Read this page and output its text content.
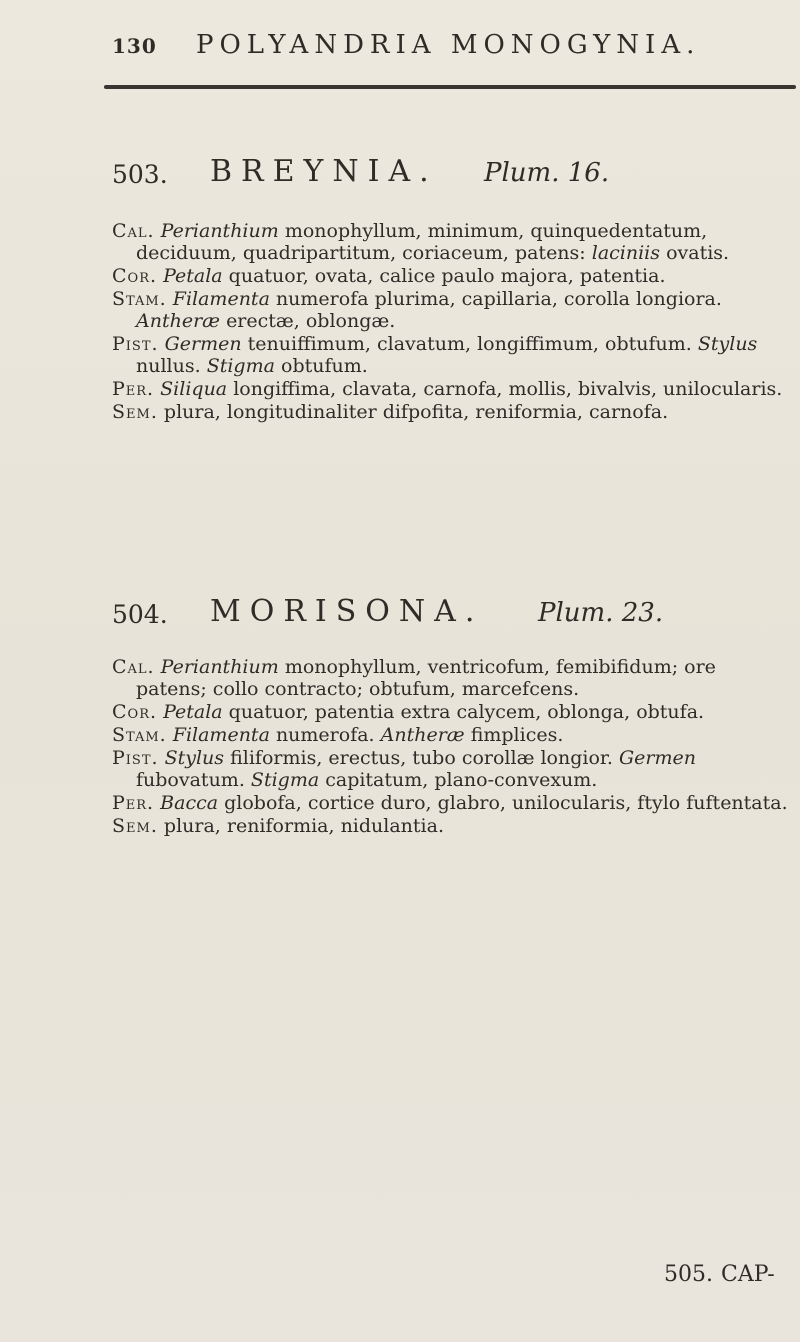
130 POLYANDRIA MONOGYNIA.
503. BREYNIA. Plum. 16.

Cal. Perianthium monophyllum, minimum, quinquedentatum, deciduum, quadripartitum, coriaceum, patens: laciniis ovatis.

Cor. Petala quatuor, ovata, calice paulo majora, patentia.

Stam. Filamenta numerofa plurima, capillaria, corolla longiora. Antheræ erectæ, oblongæ.

Pist. Germen tenuiffimum, clavatum, longiffimum, obtufum. Stylus nullus. Stigma obtufum.

Per. Siliqua longiffima, clavata, carnofa, mollis, bivalvis, unilocularis.

Sem. plura, longitudinaliter difpofita, reniformia, carnofa.

504. MORISONA. Plum. 23.

Cal. Perianthium monophyllum, ventricofum, femibifidum; ore patens; collo contracto; obtufum, marcefcens.

Cor. Petala quatuor, patentia extra calycem, oblonga, obtufa.

Stam. Filamenta numerofa. Antheræ fimplices.

Pist. Stylus filiformis, erectus, tubo corollæ longior. Germen fubovatum. Stigma capitatum, plano-convexum.

Per. Bacca globofa, cortice duro, glabro, unilocularis, ftylo fuftentata.

Sem. plura, reniformia, nidulantia.

505. CAP-
